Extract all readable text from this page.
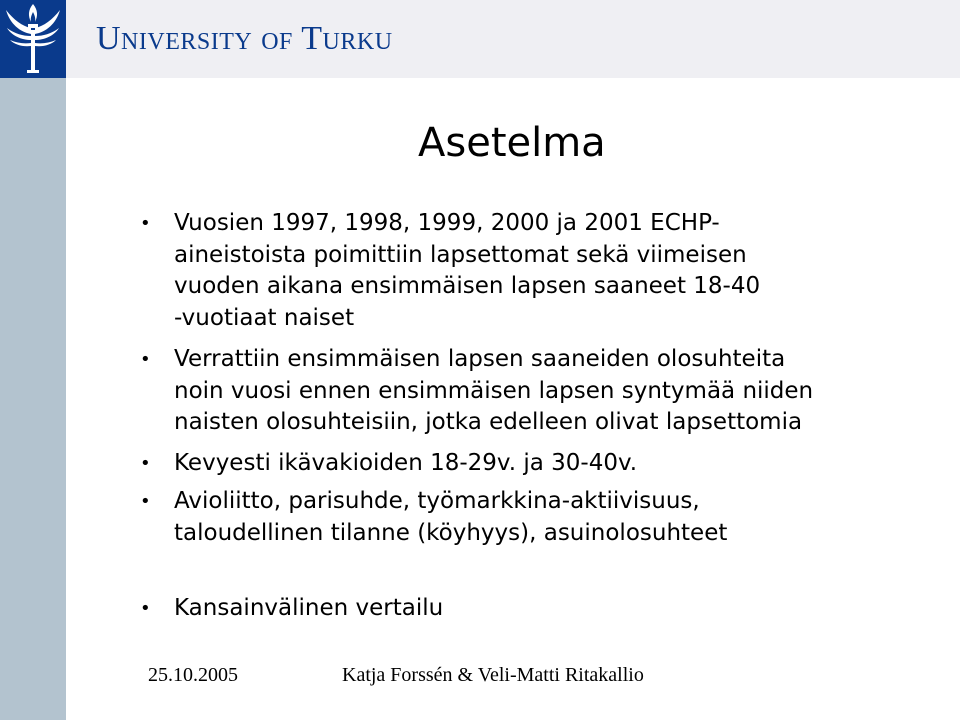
University of Turku
Asetelma
• Vuosien 1997, 1998, 1999, 2000 ja 2001 ECHP-
aineistoista poimittiin lapsettomat sekä viimeisen
vuoden aikana ensimmäisen lapsen saaneet 18-40
-vuotiaat naiset
• Verrattiin ensimmäisen lapsen saaneiden olosuhteita
noin vuosi ennen ensimmäisen lapsen syntymää niiden
naisten olosuhteisiin, jotka edelleen olivat lapsettomia
• Kevyesti ikävakioiden 18-29v. ja 30-40v.
• Avioliitto, parisuhde, työmarkkina-aktiivisuus,
taloudellinen tilanne (köyhyys), asuinolosuhteet
• Kansainvälinen vertailu
25.10.2005	Katja Forssén & Veli-Matti Ritakallio
